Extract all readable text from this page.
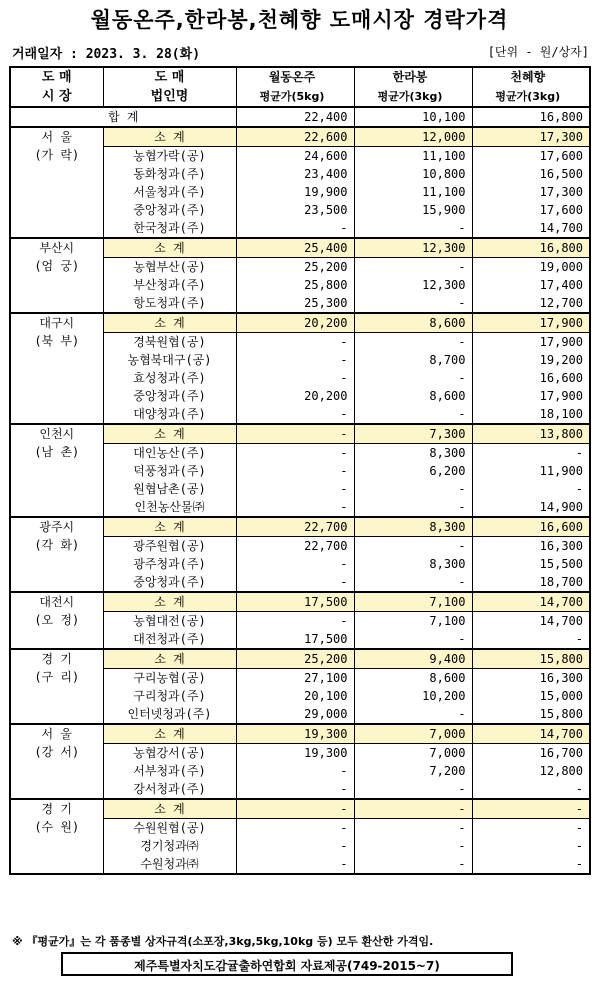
월동온주,한라봉,천혜향 도매시장 경락가격
거래일자 : 2023. 3. 28(화)	[단위 - 원/상자]
도 매	도 매	월동온주	한라봉	천혜향
시 장	법인명	평균가(5kg)	평균가(3kg)	평균가(3kg)
합 계		22,400	10,100	16,800

서 울
(가 락)	소 계	22,600	12,000	17,300
	농협가락(공)	24,600	11,100	17,600
	동화청과(주)	23,400	10,800	16,500
	서울청과(주)	19,900	11,100	17,300
	중앙청과(주)	23,500	15,900	17,600
	한국청과(주)	-	-	14,700

부산시
(엄 궁)	소 계	25,400	12,300	16,800
	농협부산(공)	25,200	-	19,000
	부산청과(주)	25,800	12,300	17,400
	항도청과(주)	25,300	-	12,700

대구시
(북 부)	소 계	20,200	8,600	17,900
	경북원협(공)	-	-	17,900
	농협북대구(공)	-	8,700	19,200
	효성청과(주)	-	-	16,600
	중앙청과(주)	20,200	8,600	17,900
	대양청과(주)	-	-	18,100

인천시
(남 촌)	소 계	-	7,300	13,800
	대인농산(주)	-	8,300	-
	덕풍청과(주)	-	6,200	11,900
	원협남촌(공)	-	-	-
	인천농산물㈜	-	-	14,900

광주시
(각 화)	소 계	22,700	8,300	16,600
	광주원협(공)	22,700	-	16,300
	광주청과(주)	-	8,300	15,500
	중앙청과(주)	-	-	18,700

대전시
(오 정)	소 계	17,500	7,100	14,700
	농협대전(공)	-	7,100	14,700
	대전청과(주)	17,500	-	-

경 기
(구 리)	소 계	25,200	9,400	15,800
	구리농협(공)	27,100	8,600	16,300
	구리청과(주)	20,100	10,200	15,000
	인터넷청과(주)	29,000	-	15,800

서 울
(강 서)	소 계	19,300	7,000	14,700
	농협강서(공)	19,300	7,000	16,700
	서부청과(주)	-	7,200	12,800
	강서청과(주)	-	-	-

경 기
(수 원)	소 계	-	-	-
	수원원협(공)	-	-	-
	경기청과㈜	-	-	-
	수원청과㈜	-	-	-
※ 『평균가』는 각 품종별 상자규격(소포장,3kg,5kg,10kg 등) 모두 환산한 가격임.
제주특별자치도감귤출하연합회 자료제공(749-2015~7)
